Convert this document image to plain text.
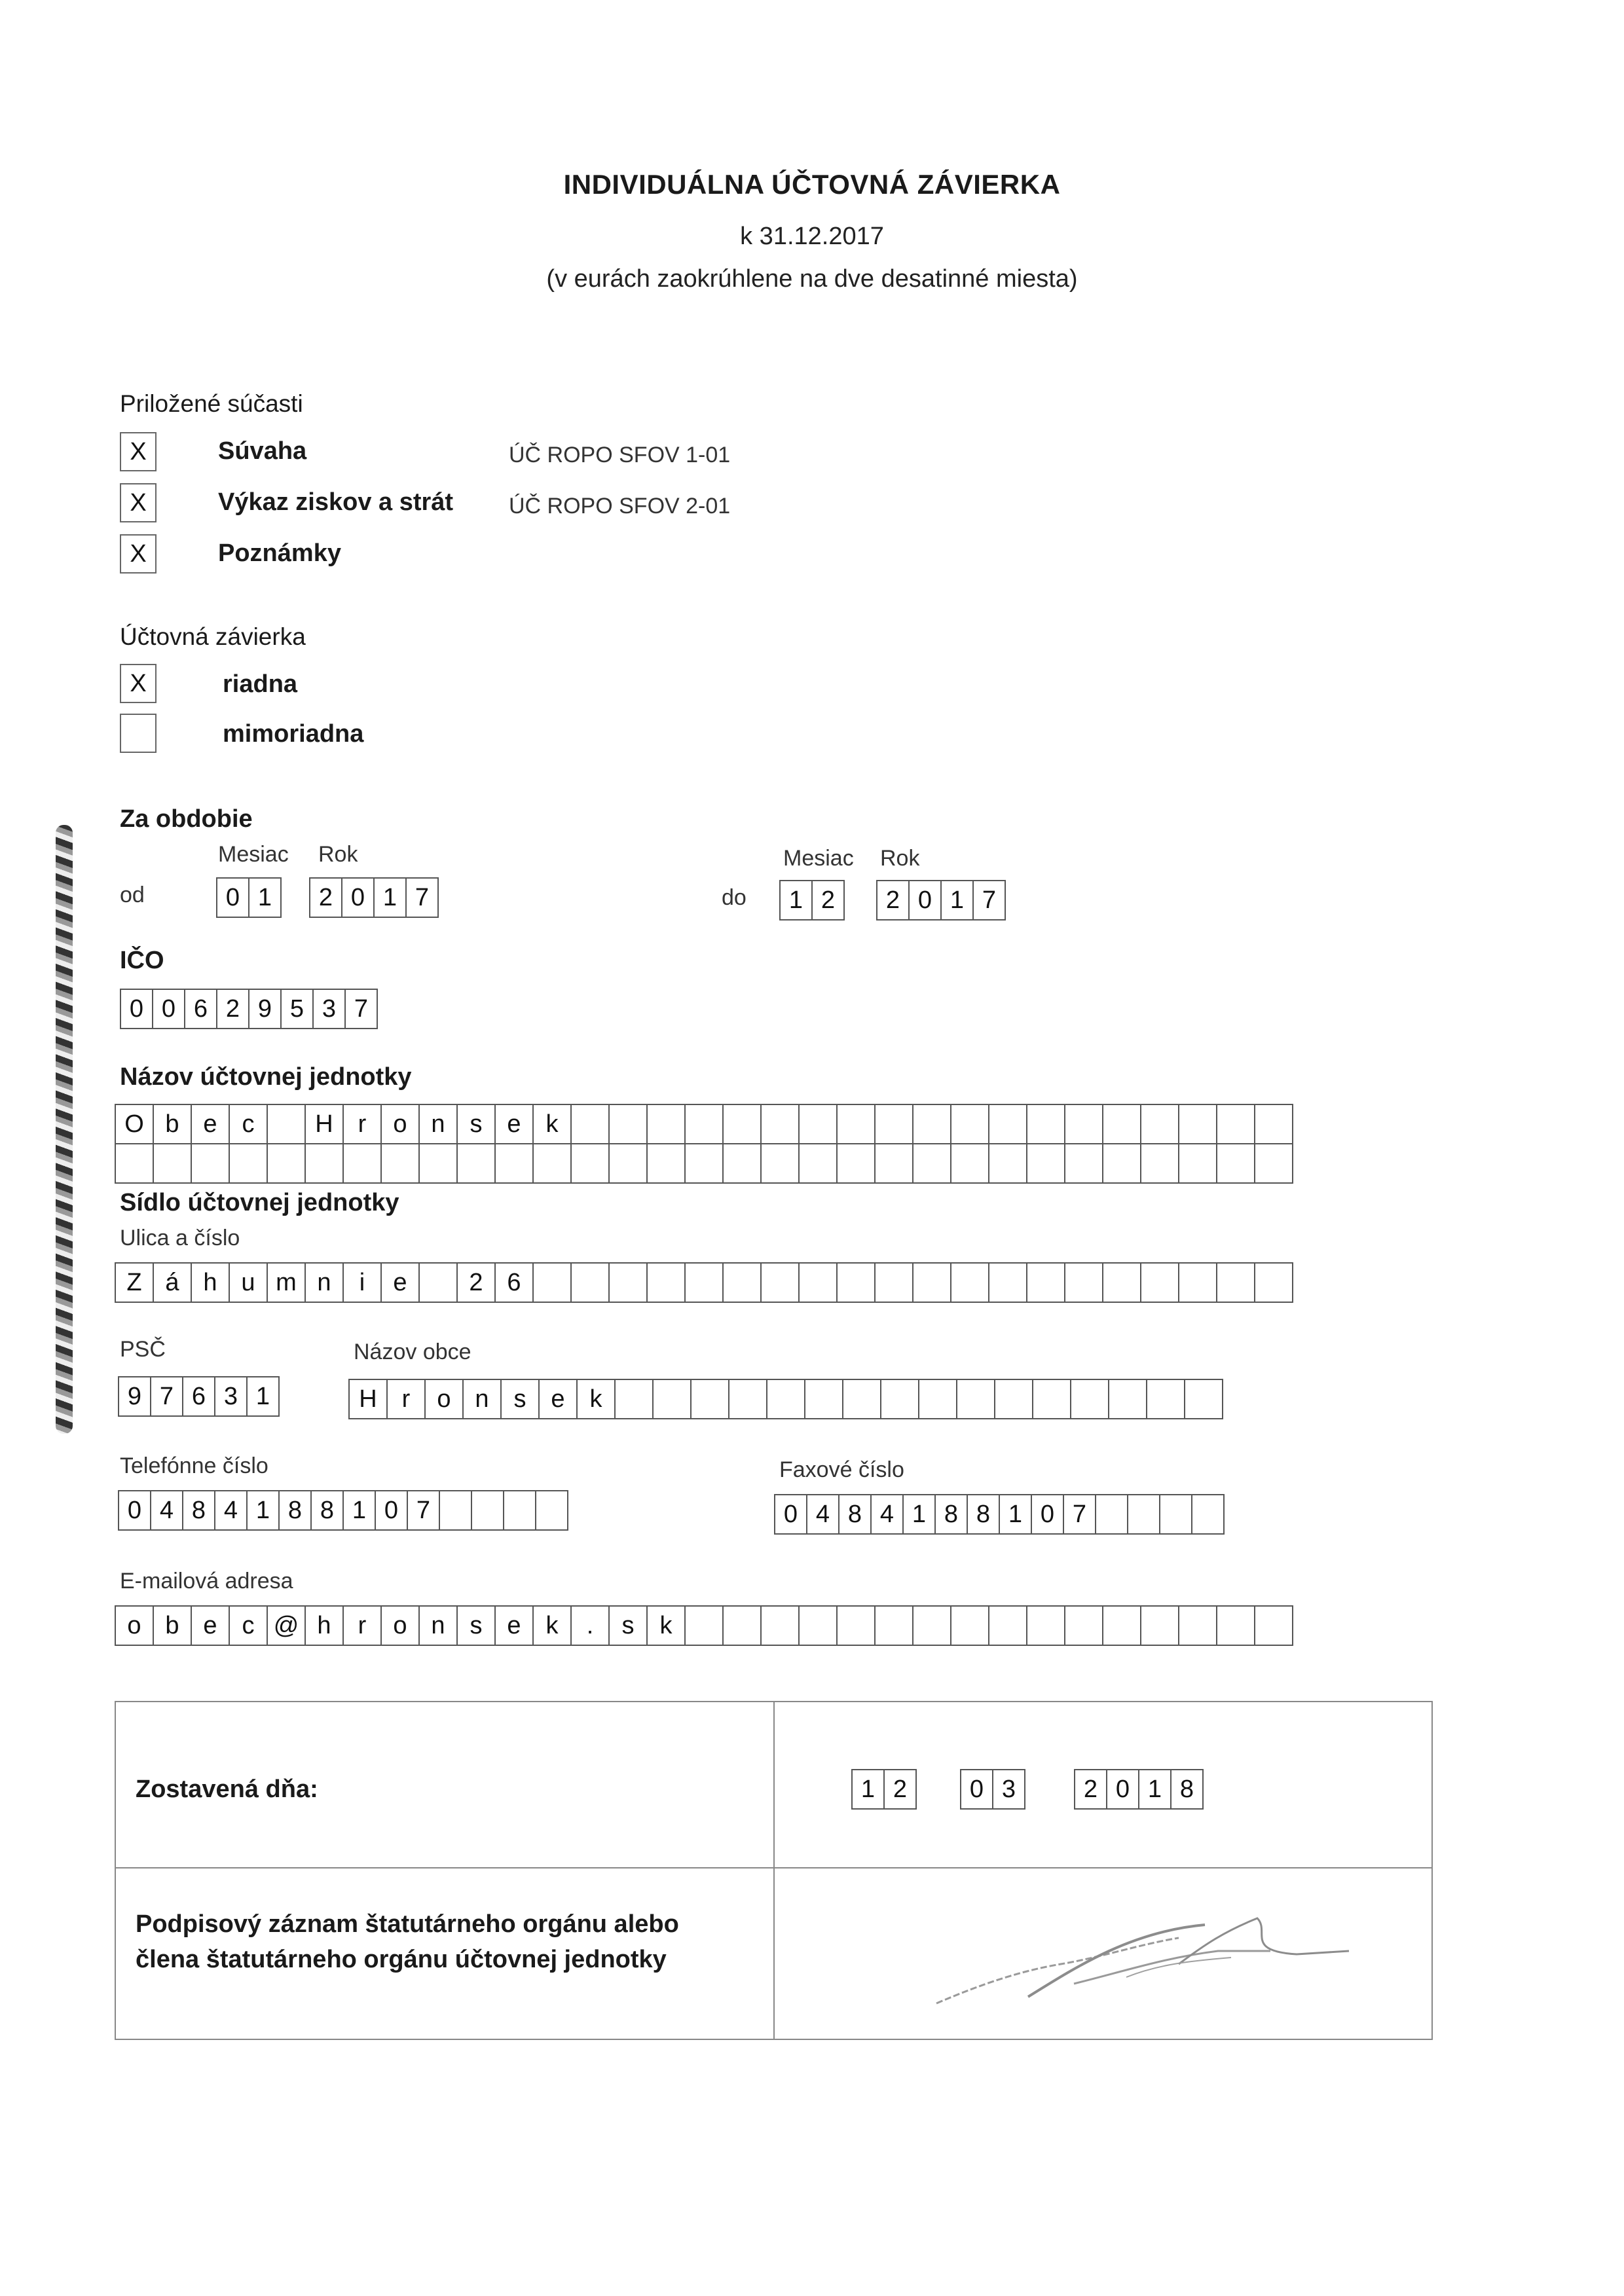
INDIVIDUÁLNA ÚČTOVNÁ ZÁVIERKA
k 31.12.2017
(v eurách zaokrúhlene na dve desatinné miesta)
Priložené súčasti
X	Súvaha	ÚČ ROPO SFOV 1-01
X	Výkaz ziskov a strát ÚČ ROPO SFOV 2-01
X	Poznámky
Účtovná závierka
X	riadna
mimoriadna
Za obdobie
Mesiac Rok	Mesiac Rok
od	0 1	2 0 1 7	do	1 2	2 0 1 7
IČO
0 0 6 2 9 5 3 7
Názov účtovnej jednotky
O b e c	H r	o n s e k
Sídlo účtovnej jednotky
Ulica a číslo
Z á h u m n	i	e	2 6
PSČ	Názov obce
9 7 6 3 1	H r	o n s e k
Telefónne číslo	Faxové číslo
0 4 8 4 1 8 8 1 0 7	0 4 8 4 1 8 8 1 0 7
E-mailová adresa
o b e c @ h	r	o n s e k	.	s	k
Zostavená dňa:	1 2	0 3	2 0 1 8
Podpisový záznam štatutárneho orgánu alebo
člena štatutárneho orgánu účtovnej jednotky
